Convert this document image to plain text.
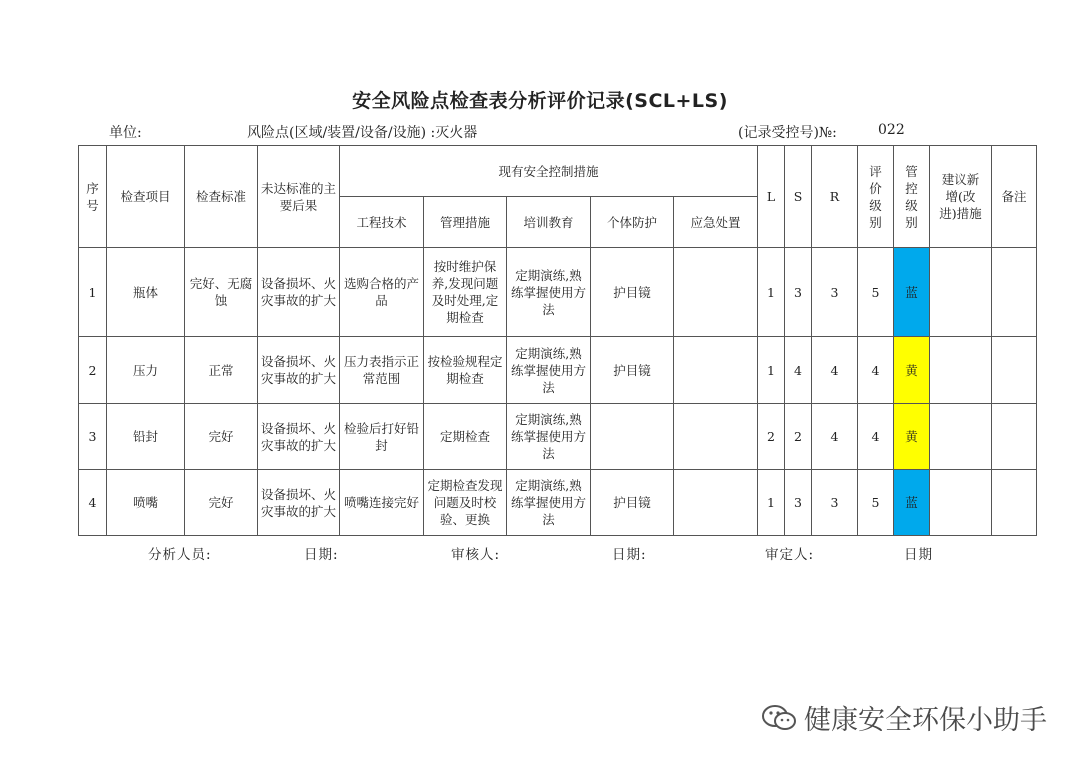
安全风险点检查表分析评价记录(SCL+LS)
单位:	风险点(区域/装置/设备/设施) :灭火器	(记录受控号)№:	022
序号	检查项目	检查标准	未达标准的主要后果	现有安全控制措施					L	S	R	评价级别	管控级别	建议新增(改进)措施	备注
				工程技术	管理措施	培训教育	个体防护	应急处置							
1	瓶体	完好、无腐蚀	设备损坏、火灾事故的扩大	选购合格的产品	按时维护保养,发现问题及时处理,定期检查	定期演练,熟练掌握使用方法	护目镜		1	3	3	5	蓝		
2	压力	正常	设备损坏、火灾事故的扩大	压力表指示正常范围	按检验规程定期检查	定期演练,熟练掌握使用方法	护目镜		1	4	4	4	黄		
3	铅封	完好	设备损坏、火灾事故的扩大	检验后打好铅封	定期检查	定期演练,熟练掌握使用方法			2	2	4	4	黄		
4	喷嘴	完好	设备损坏、火灾事故的扩大	喷嘴连接完好	定期检查发现问题及时校验、更换	定期演练,熟练掌握使用方法	护目镜		1	3	3	5	蓝		
分析人员:	日期:	审核人:	日期:	审定人:	日期
健康安全环保小助手
